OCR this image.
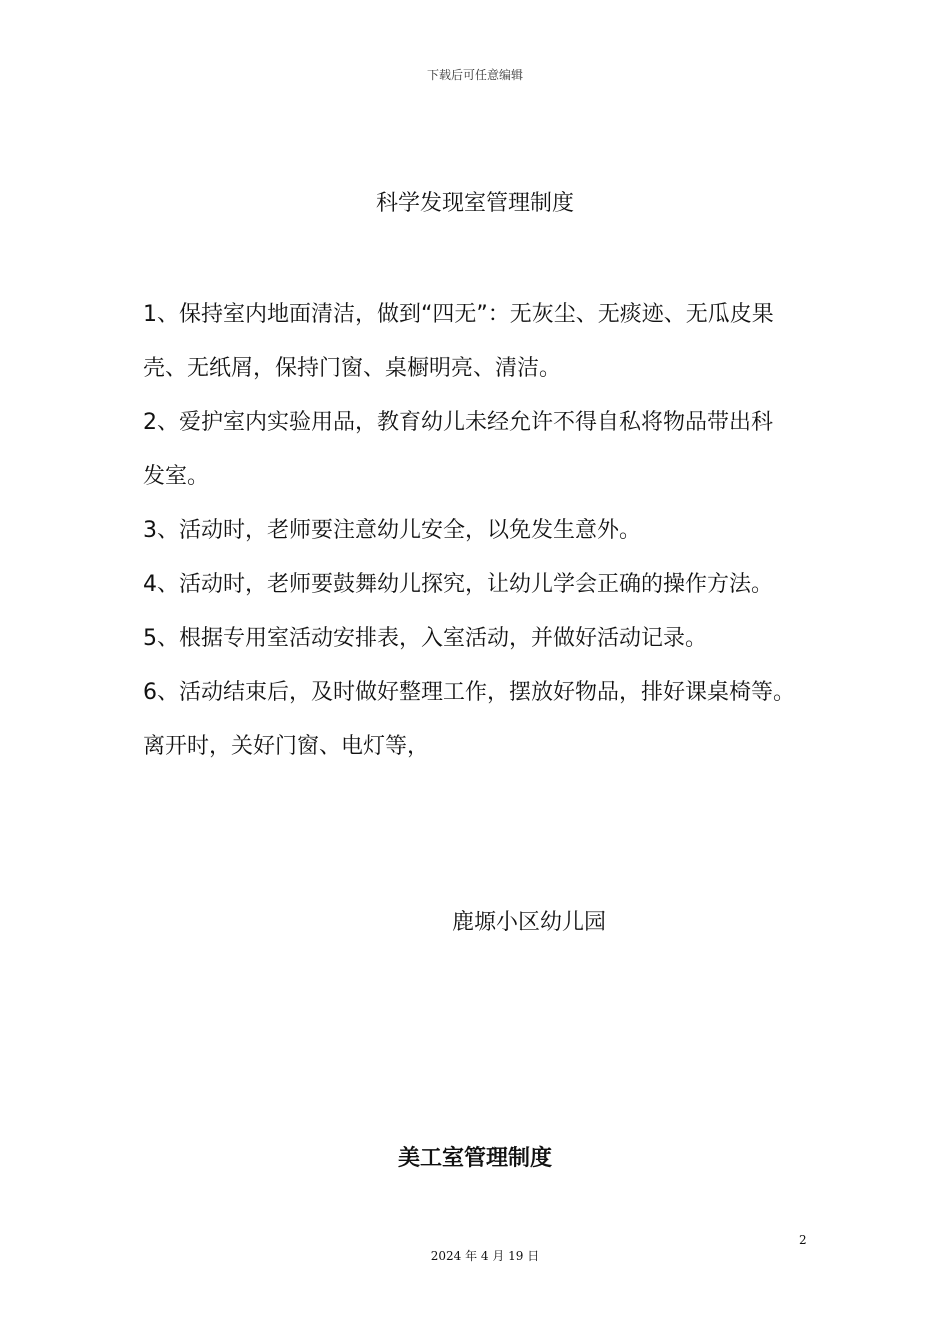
下载后可任意编辑
科学发现室管理制度

1、保持室内地面清洁，做到“四无”：无灰尘、无痰迹、无瓜皮果

壳、无纸屑，保持门窗、桌橱明亮、清洁。

2、爱护室内实验用品，教育幼儿未经允许不得自私将物品带出科

发室。

3、活动时，老师要注意幼儿安全，以免发生意外。

4、活动时，老师要鼓舞幼儿探究，让幼儿学会正确的操作方法。

5、根据专用室活动安排表，入室活动，并做好活动记录。

6、活动结束后，及时做好整理工作，摆放好物品，排好课桌椅等。

离开时，关好门窗、电灯等，

鹿塬小区幼儿园
美工室管理制度
2
2024 年 4 月 19 日
